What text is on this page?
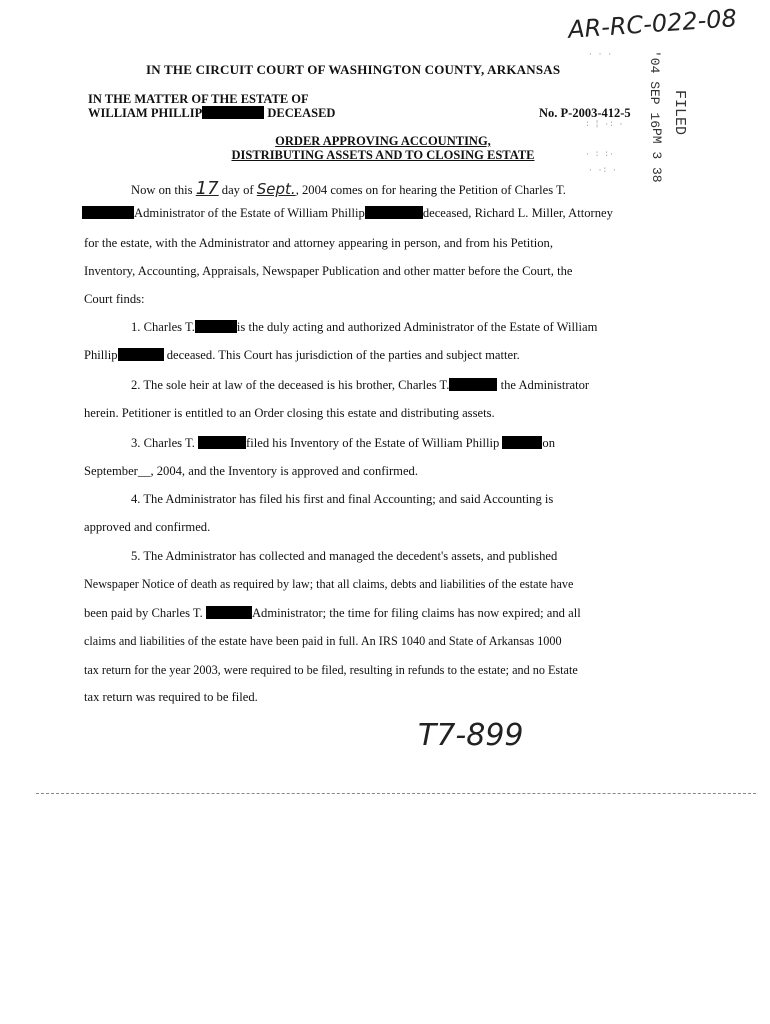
AR-RC-022-08
'04 SEP 16
PM 3 38
FILED
· · ·
: ¦ ·: ·
· : :·
· ·: ·
IN THE CIRCUIT COURT OF WASHINGTON COUNTY, ARKANSAS
IN THE MATTER OF THE ESTATE OF
WILLIAM PHILLIP	DECEASED	No. P-2003-412-5
ORDER APPROVING ACCOUNTING,
DISTRIBUTING ASSETS AND TO CLOSING ESTATE
Now on this 17 day of Sept., 2004 comes on for hearing the Petition of Charles T.
Administrator of the Estate of William Phillip	deceased, Richard L. Miller, Attorney
for the estate, with the Administrator and attorney appearing in person, and from his Petition,
Inventory, Accounting, Appraisals, Newspaper Publication and other matter before the Court, the
Court finds:
1. Charles T.	is the duly acting and authorized Administrator of the Estate of William
Phillip	deceased. This Court has jurisdiction of the parties and subject matter.
2. The sole heir at law of the deceased is his brother, Charles T.	the Administrator
herein. Petitioner is entitled to an Order closing this estate and distributing assets.
3. Charles T.	filed his Inventory of the Estate of William Phillip	on
September__, 2004, and the Inventory is approved and confirmed.
4. The Administrator has filed his first and final Accounting; and said Accounting is
approved and confirmed.
5. The Administrator has collected and managed the decedent's assets, and published
Newspaper Notice of death as required by law; that all claims, debts and liabilities of the estate have
been paid by Charles T.	Administrator; the time for filing claims has now expired; and all
claims and liabilities of the estate have been paid in full. An IRS 1040 and State of Arkansas 1000
tax return for the year 2003, were required to be filed, resulting in refunds to the estate; and no Estate
tax return was required to be filed.
T7-899
